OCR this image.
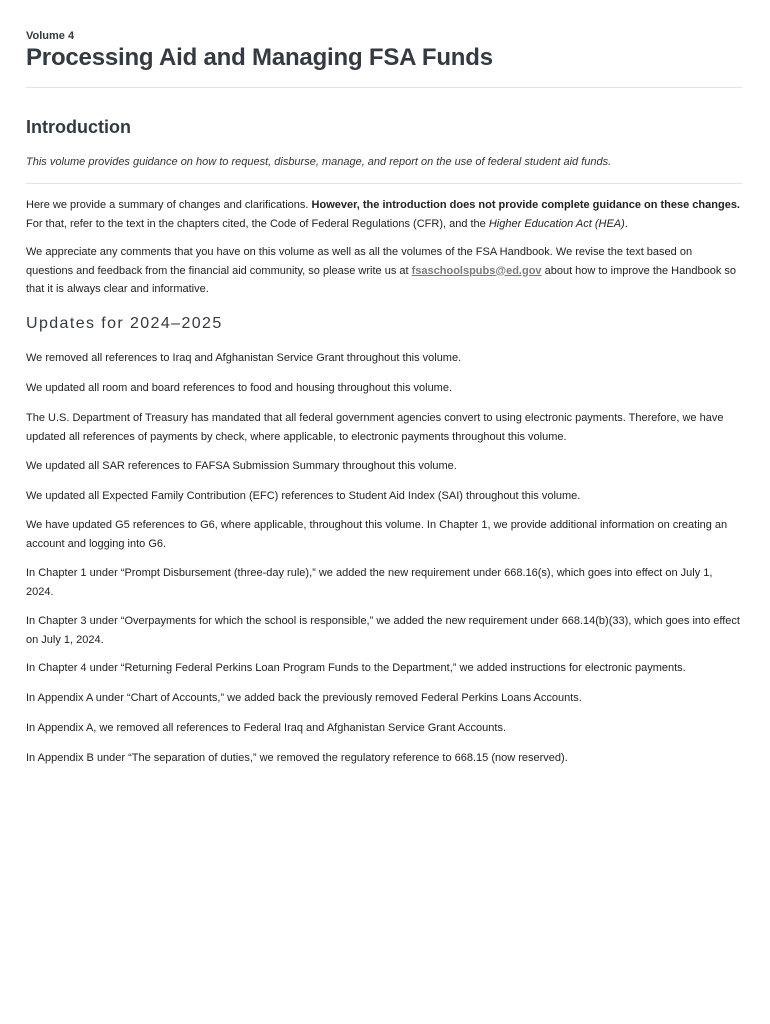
Volume 4
Processing Aid and Managing FSA Funds
Introduction

This volume provides guidance on how to request, disburse, manage, and report on the use of federal student aid funds.

Here we provide a summary of changes and clarifications. However, the introduction does not provide complete guidance on these changes. For that, refer to the text in the chapters cited, the Code of Federal Regulations (CFR), and the Higher Education Act (HEA).

We appreciate any comments that you have on this volume as well as all the volumes of the FSA Handbook. We revise the text based on questions and feedback from the financial aid community, so please write us at fsaschoolspubs@ed.gov about how to improve the Handbook so that it is always clear and informative.

Updates for 2024–2025

We removed all references to Iraq and Afghanistan Service Grant throughout this volume.

We updated all room and board references to food and housing throughout this volume.

The U.S. Department of Treasury has mandated that all federal government agencies convert to using electronic payments. Therefore, we have updated all references of payments by check, where applicable, to electronic payments throughout this volume.

We updated all SAR references to FAFSA Submission Summary throughout this volume.

We updated all Expected Family Contribution (EFC) references to Student Aid Index (SAI) throughout this volume.

We have updated G5 references to G6, where applicable, throughout this volume. In Chapter 1, we provide additional information on creating an account and logging into G6.

In Chapter 1 under “Prompt Disbursement (three-day rule),” we added the new requirement under 668.16(s), which goes into effect on July 1, 2024.

In Chapter 3 under “Overpayments for which the school is responsible,” we added the new requirement under 668.14(b)(33), which goes into effect on July 1, 2024.

In Chapter 4 under “Returning Federal Perkins Loan Program Funds to the Department,” we added instructions for electronic payments.

In Appendix A under “Chart of Accounts,” we added back the previously removed Federal Perkins Loans Accounts.

In Appendix A, we removed all references to Federal Iraq and Afghanistan Service Grant Accounts.

In Appendix B under “The separation of duties,” we removed the regulatory reference to 668.15 (now reserved).
